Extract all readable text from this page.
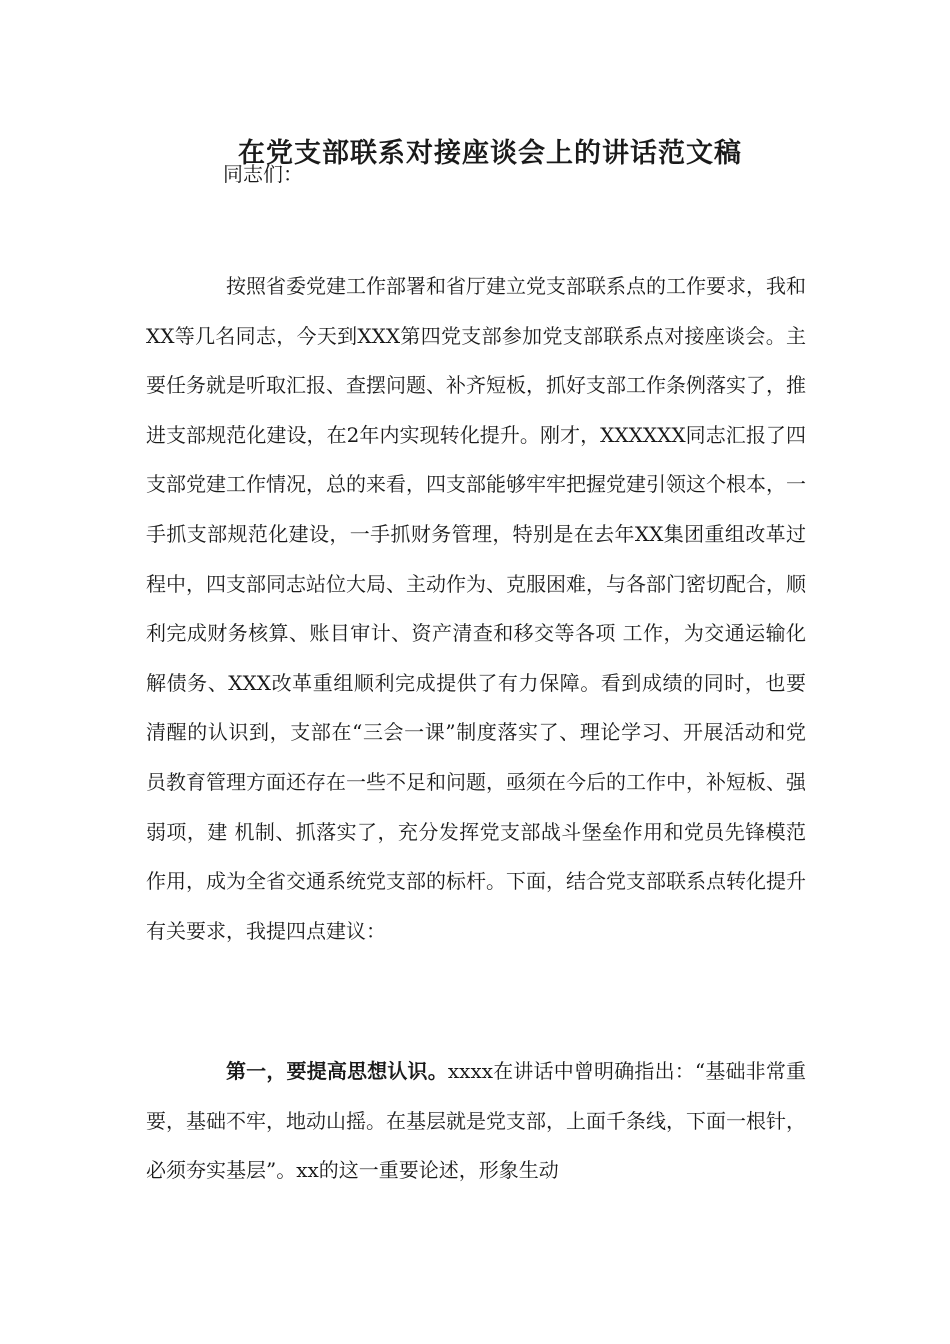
在党支部联系对接座谈会上的讲话范文稿

同志们：

按照省委党建工作部署和省厅建立党支部联系点的工作要求，我和XX等几名同志，今天到XXX第四党支部参加党支部联系点对接座谈会。主要任务就是听取汇报、查摆问题、补齐短板，抓好支部工作条例落实了，推进支部规范化建设，在2年内实现转化提升。刚才，XXXXXX同志汇报了四支部党建工作情况，总的来看，四支部能够牢牢把握党建引领这个根本，一手抓支部规范化建设，一手抓财务管理，特别是在去年XX集团重组改革过程中，四支部同志站位大局、主动作为、克服困难，与各部门密切配合，顺利完成财务核算、账目审计、资产清查和移交等各项 工作，为交通运输化解债务、XXX改革重组顺利完成提供了有力保障。看到成绩的同时，也要清醒的认识到，支部在“三会一课”制度落实了、理论学习、开展活动和党员教育管理方面还存在一些不足和问题，亟须在今后的工作中，补短板、强弱项，建 机制、抓落实了，充分发挥党支部战斗堡垒作用和党员先锋模范作用，成为全省交通系统党支部的标杆。下面，结合党支部联系点转化提升有关要求，我提四点建议：

第一，要提高思想认识。xxxx在讲话中曾明确指出：“基础非常重要，基础不牢，地动山摇。在基层就是党支部，上面千条线，下面一根针，必须夯实基层”。xx的这一重要论述，形象生动
